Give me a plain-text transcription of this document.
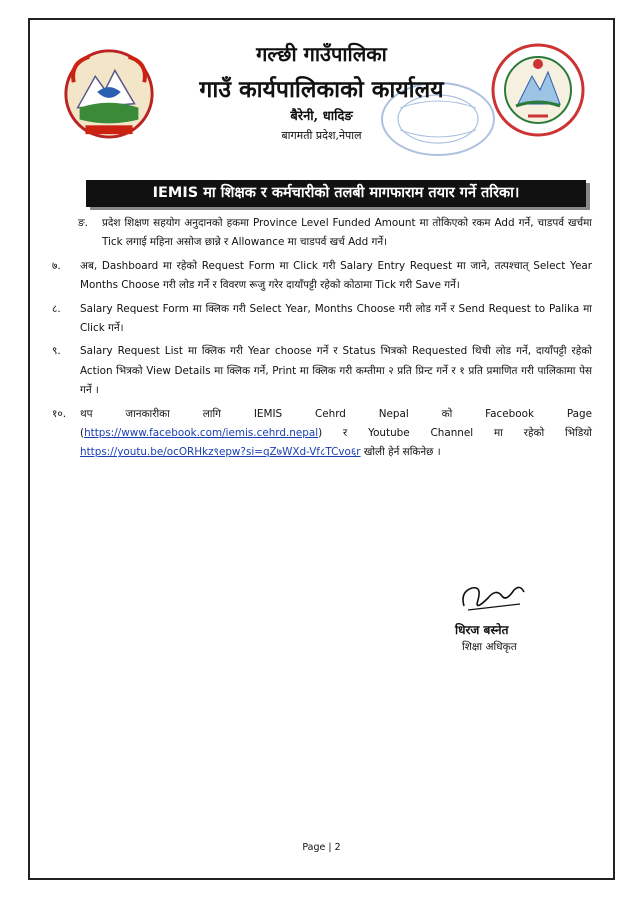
गल्छी गाउँपालिका
गाउँ कार्यपालिकाको कार्यालय
बैरेनी, धादिङ
बागमती प्रदेश,नेपाल
IEMIS मा शिक्षक र कर्मचारीको तलबी मागफाराम तयार गर्ने तरिका।
ङ.	प्रदेश शिक्षण सहयोग अनुदानको हकमा Province Level Funded Amount मा तोकिएको रकम Add गर्ने, चाडपर्व खर्चमा Tick लगाई महिना असोज छान्ने र Allowance मा चाडपर्व खर्च Add गर्ने।
७.	अब, Dashboard मा रहेको Request Form मा Click गरी Salary Entry Request मा जाने, तत्पश्चात् Select Year Months Choose गरी लोड गर्ने र विवरण रूजु गरेर दायाँपट्टी रहेको कोठामा Tick गरी Save गर्ने।
८.	Salary Request Form मा क्लिक गरी Select Year, Months Choose गरी लोड गर्ने र Send Request to Palika मा Click गर्ने।
९.	Salary Request List मा क्लिक गरी Year choose गर्ने र Status भित्रको Requested थिची लोड गर्ने, दायाँपट्टी रहेको Action भित्रको View Details मा क्लिक गर्ने, Print मा क्लिक गरी कम्तीमा २ प्रति प्रिन्ट गर्ने र १ प्रति प्रमाणित गरी पालिकामा पेस गर्ने ।
१०.	थप जानकारीका लागि IEMIS Cehrd Nepal को Facebook Page (https://www.facebook.com/iemis.cehrd.nepal) र Youtube Channel मा रहेको भिडियो https://youtu.be/ocORHkz९epw?si=qZ७WXd-Vf८TCvo६r खोली हेर्न सकिनेछ ।
धिरज बस्नेत
शिक्षा अधिकृत
Page | 2
